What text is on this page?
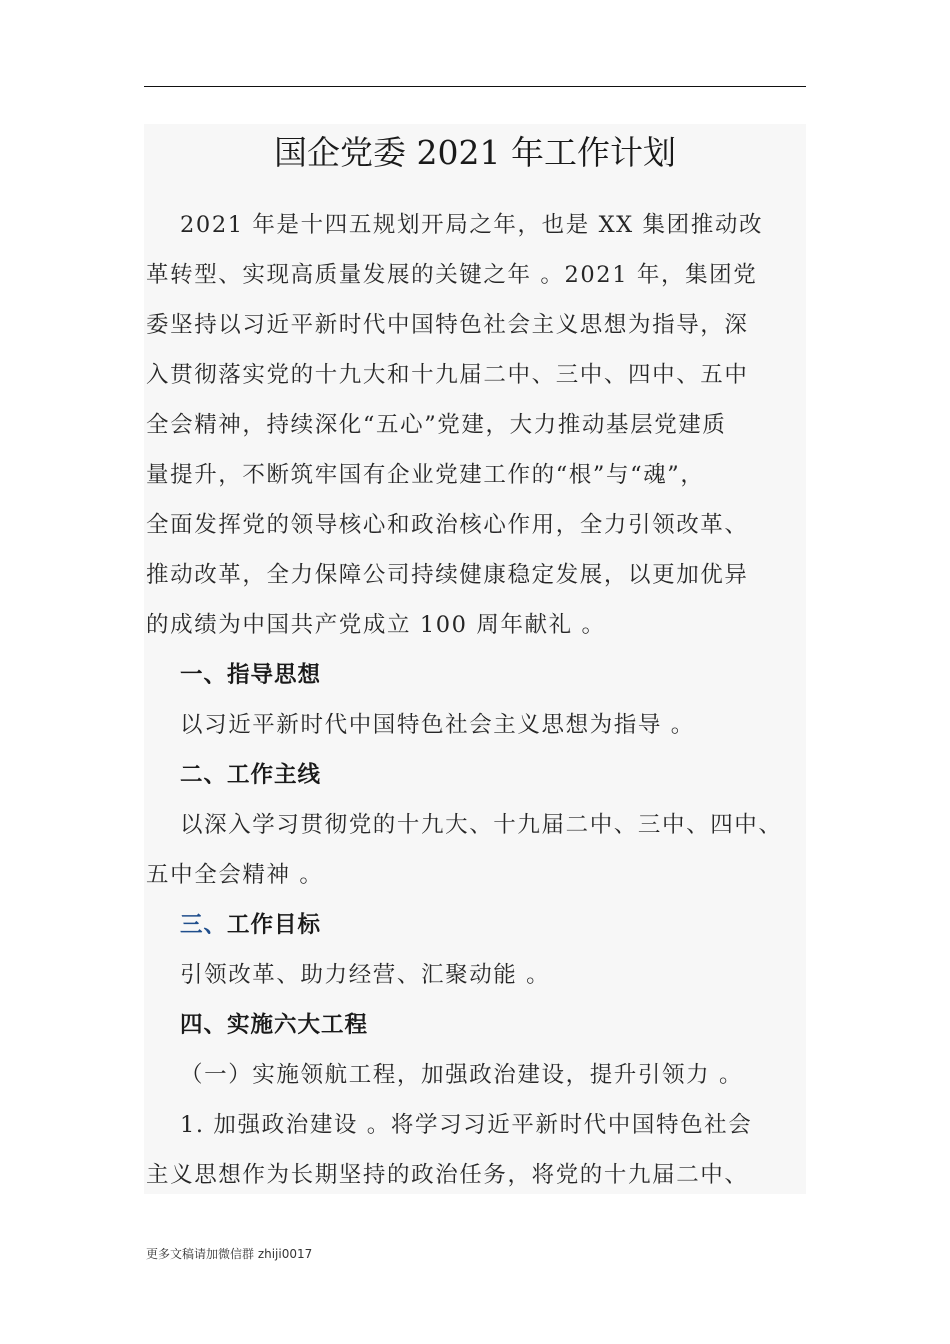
国企党委 2021 年工作计划
2021 年是十四五规划开局之年，也是 XX 集团推动改
革转型、实现高质量发展的关键之年 。2021 年，集团党
委坚持以习近平新时代中国特色社会主义思想为指导，深
入贯彻落实党的十九大和十九届二中、三中、四中、五中
全会精神，持续深化“五心”党建，大力推动基层党建质
量提升，不断筑牢国有企业党建工作的“根”与“魂”，
全面发挥党的领导核心和政治核心作用，全力引领改革、
推动改革，全力保障公司持续健康稳定发展，以更加优异
的成绩为中国共产党成立 100 周年献礼 。
一、指导思想
以习近平新时代中国特色社会主义思想为指导 。
二、工作主线
以深入学习贯彻党的十九大、十九届二中、三中、四中、
五中全会精神 。
三、工作目标
引领改革、助力经营、汇聚动能 。
四、实施六大工程
（一）实施领航工程，加强政治建设，提升引领力 。
1. 加强政治建设 。将学习习近平新时代中国特色社会
主义思想作为长期坚持的政治任务，将党的十九届二中、
更多文稿请加微信群 zhiji0017
